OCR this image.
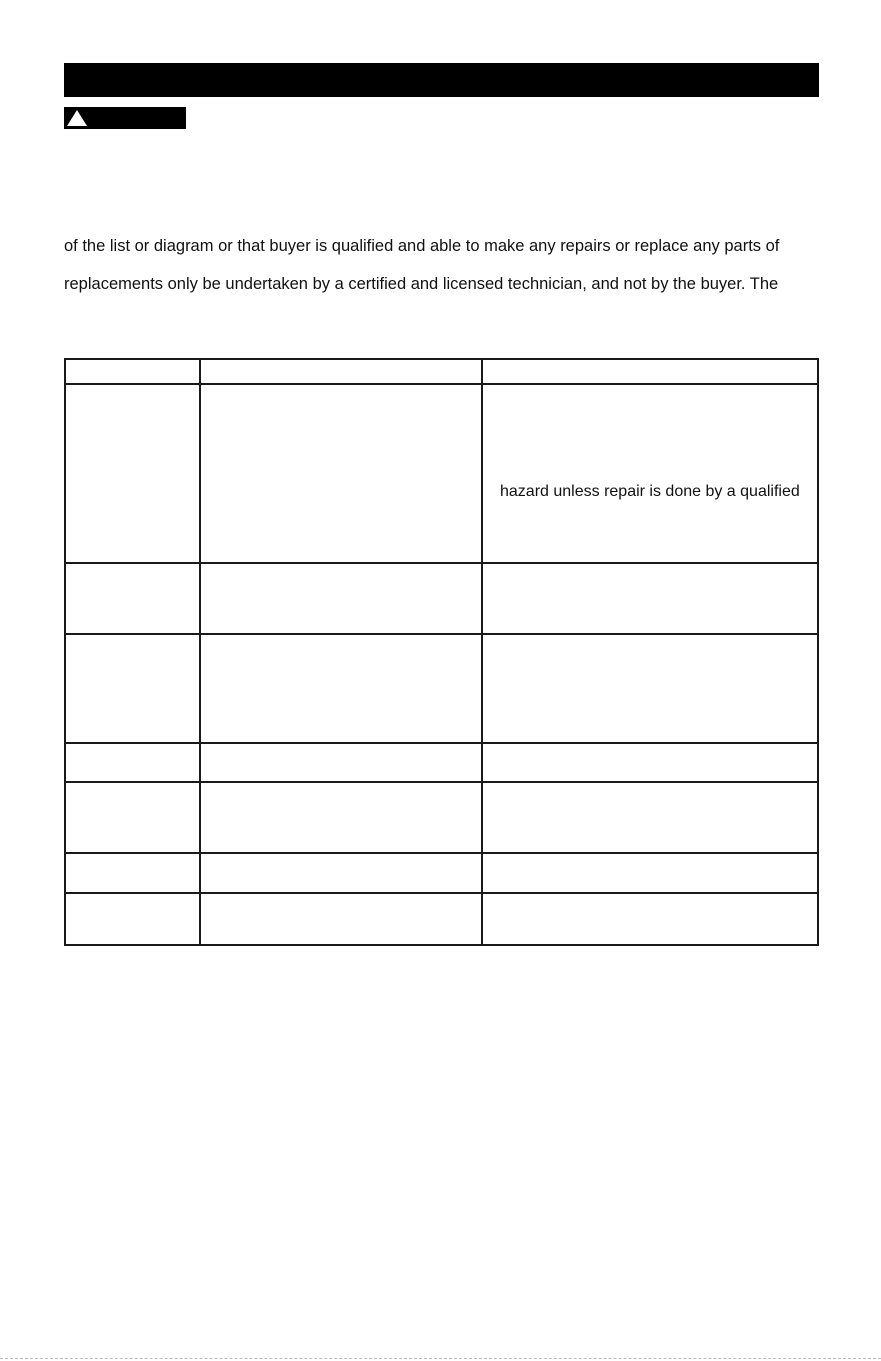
of the list or diagram or that buyer is qualified and able to make any repairs or replace any parts of
replacements only be undertaken by a certified and licensed technician, and not by the buyer. The
hazard unless repair is done by a qualified
